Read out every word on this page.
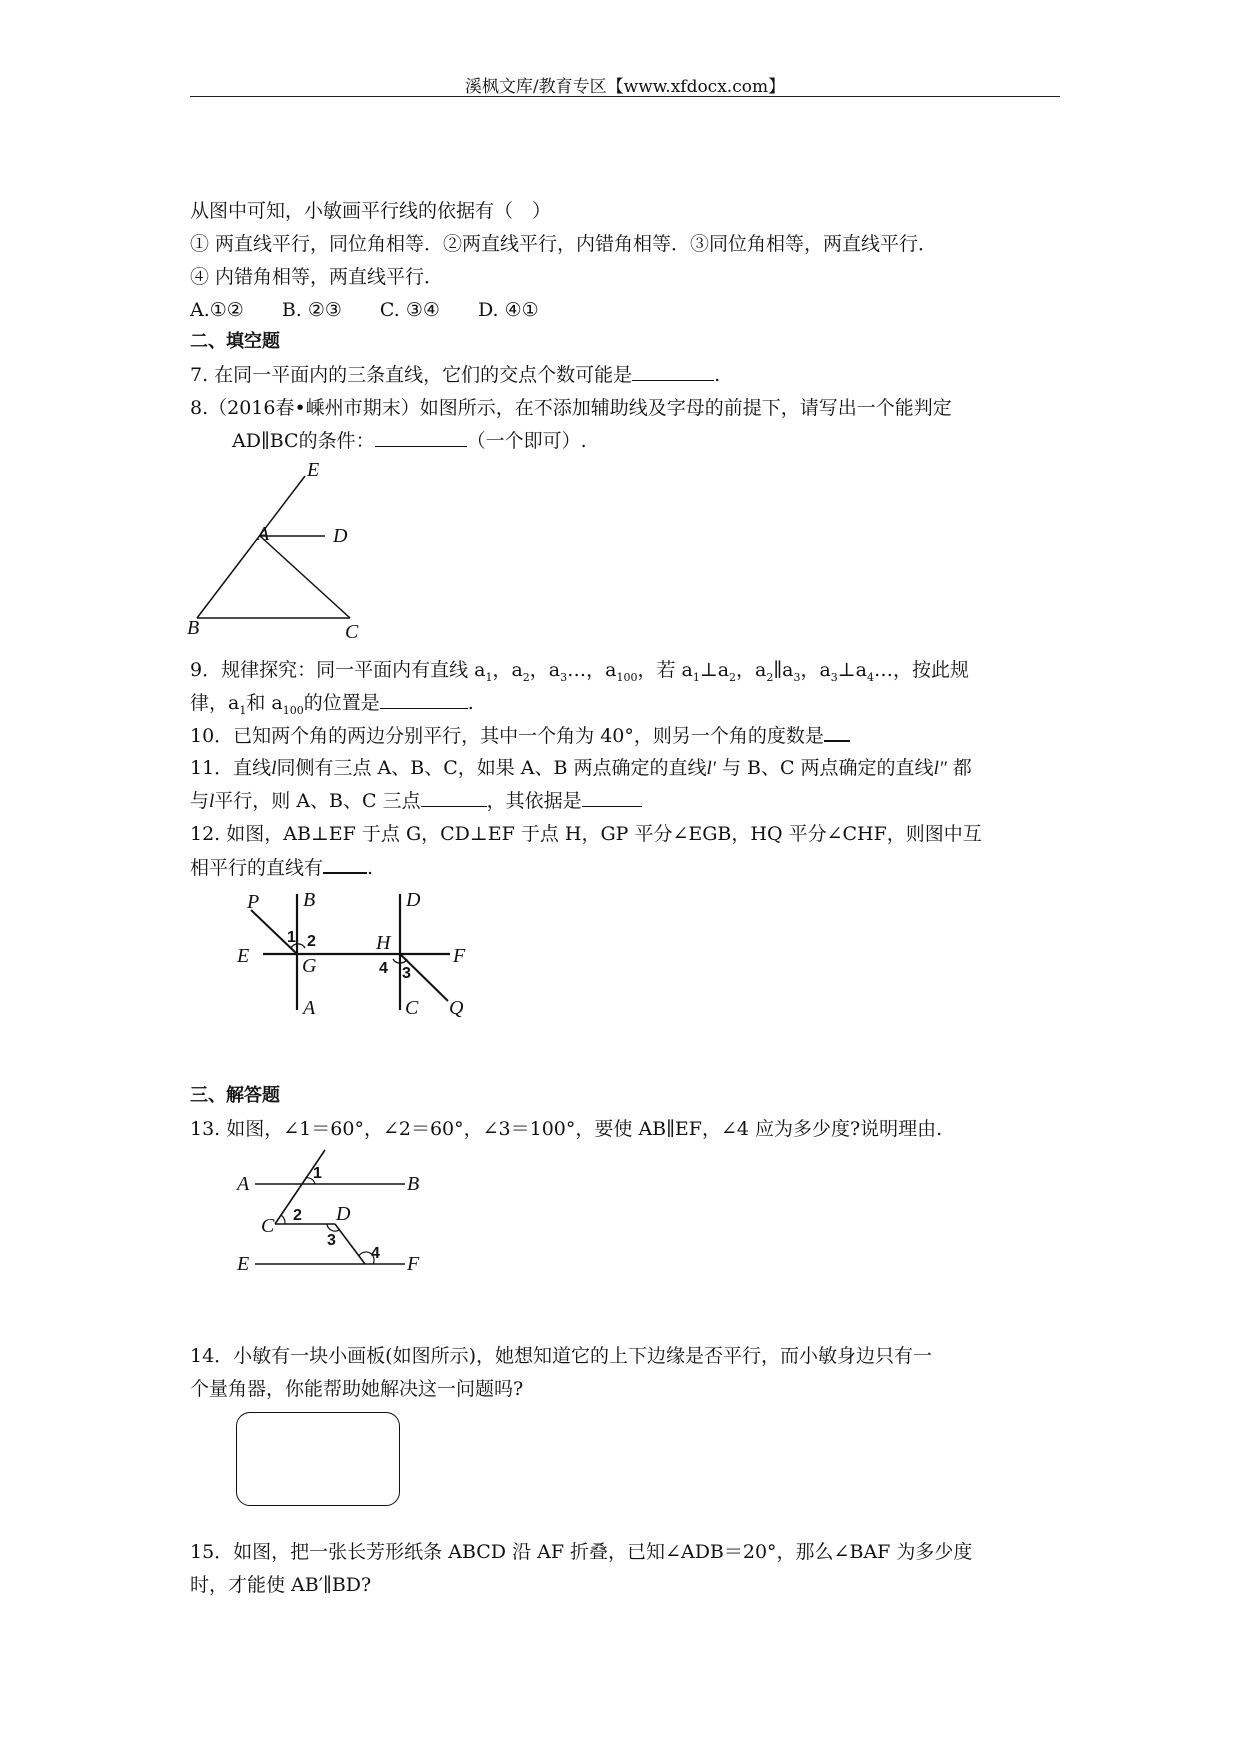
溪枫文库/教育专区【www.xfdocx.com】
从图中可知，小敏画平行线的依据有（　）
① 两直线平行，同位角相等．②两直线平行，内错角相等．③同位角相等，两直线平行．
④ 内错角相等，两直线平行．
A.①②　　B. ②③　　C. ③④　　D. ④①
二、填空题
7. 在同一平面内的三条直线，它们的交点个数可能是	.
8.（2016春•嵊州市期末）如图所示，在不添加辅助线及字母的前提下，请写出一个能判定
AD∥BC的条件：	（一个即可）.
E
A	D
B	C
9．规律探究：同一平面内有直线 $a_1$，$a_2$，$a_3\dots$，$a_{100}$，若 $a_1\perp a_2$，$a_2\parallel a_3$，$a_3\perp a_4\dots$，按此规
律，$a_1$和 $a_{100}$的位置是	.
10．已知两个角的两边分别平行，其中一个角为 40°，则另一个角的度数是
11．直线l同侧有三点 A、B、C，如果 A、B 两点确定的直线l′ 与 B、C 两点确定的直线l″ 都
与l平行，则 A、B、C 三点	，其依据是
12. 如图，AB⊥EF 于点 G，CD⊥EF 于点 H，GP 平分∠EGB，HQ 平分∠CHF，则图中互
相平行的直线有 .
P B	D
E	G
H
F
A	C Q
1 2
4 3
三、解答题
13. 如图，∠1＝60°，∠2＝60°，∠3＝100°，要使 AB∥EF，∠4 应为多少度?说明理由.
A	B
C
D
E	F
1
2
3
4
14．小敏有一块小画板(如图所示)，她想知道它的上下边缘是否平行，而小敏身边只有一
个量角器，你能帮助她解决这一问题吗?
15．如图，把一张长芳形纸条 ABCD 沿 AF 折叠，已知∠ADB＝20°，那么∠BAF 为多少度
时，才能使 AB′∥BD?
